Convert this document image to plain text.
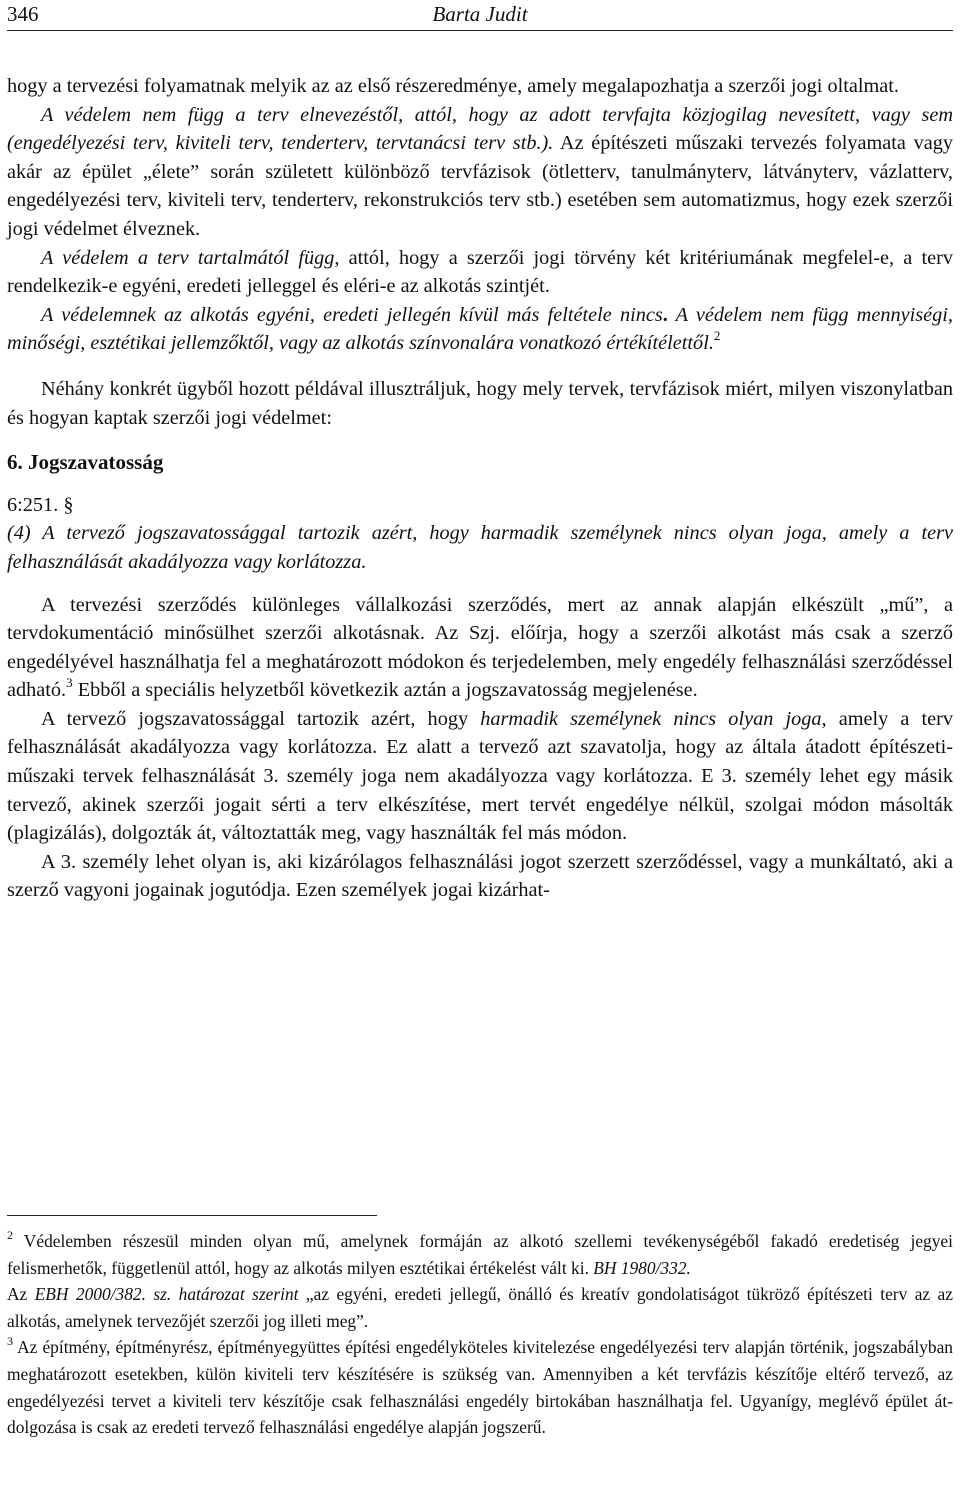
346	Barta Judit

hogy a tervezési folyamatnak melyik az az első részeredménye, amely megalapozhatja a szerzői jogi oltalmat.

A védelem nem függ a terv elnevezéstől, attól, hogy az adott tervfajta közjogilag nevesített, vagy sem (engedélyezési terv, kiviteli terv, tenderterv, tervtanácsi terv stb.). Az építészeti műszaki tervezés folyamata vagy akár az épület „élete” során született különböző tervfázisok (ötletterv, tanulmányterv, látványterv, vázlatterv, engedélyezési terv, kiviteli terv, tenderterv, rekonstrukciós terv stb.) esetében sem automatizmus, hogy ezek szerzői jogi védelmet élveznek.

A védelem a terv tartalmától függ, attól, hogy a szerzői jogi törvény két kritériumának megfelel-e, a terv rendelkezik-e egyéni, eredeti jelleggel és eléri-e az alkotás szintjét.

A védelemnek az alkotás egyéni, eredeti jellegén kívül más feltétele nincs. A védelem nem függ mennyiségi, minőségi, esztétikai jellemzőktől, vagy az alkotás színvonalára vonatkozó értékítélettől.$^2$

Néhány konkrét ügyből hozott példával illusztráljuk, hogy mely tervek, tervfázisok miért, milyen viszonylatban és hogyan kaptak szerzői jogi védelmet:

6. Jogszavatosság

6:251. §
(4) A tervező jogszavatossággal tartozik azért, hogy harmadik személynek nincs olyan joga, amely a terv felhasználását akadályozza vagy korlátozza.

A tervezési szerződés különleges vállalkozási szerződés, mert az annak alapján elkészült „mű”, a tervdokumentáció minősülhet szerzői alkotásnak. Az Szj. előírja, hogy a szerzői alkotást más csak a szerző engedélyével használhatja fel a meghatározott módokon és terjedelemben, mely engedély felhasználási szerződéssel adható.$^3$ Ebből a speciális helyzetből következik aztán a jogszavatosság megjelenése.

A tervező jogszavatossággal tartozik azért, hogy harmadik személynek nincs olyan joga, amely a terv felhasználását akadályozza vagy korlátozza. Ez alatt a tervező azt szavatolja, hogy az általa átadott építészeti-műszaki tervek felhasználását 3. személy joga nem akadályozza vagy korlátozza. E 3. személy lehet egy másik tervező, akinek szerzői jogait sérti a terv elkészítése, mert tervét engedélye nélkül, szolgai módon másolták (plagizálás), dolgozták át, változtatták meg, vagy használták fel más módon.

A 3. személy lehet olyan is, aki kizárólagos felhasználási jogot szerzett szerződéssel, vagy a munkáltató, aki a szerző vagyoni jogainak jogutódja. Ezen személyek jogai kizárhat-

$^2$ Védelemben részesül minden olyan mű, amelynek formáján az alkotó szellemi tevékenységéből fakadó eredetiség jegyei felismerhetők, függetlenül attól, hogy az alkotás milyen esztétikai értékelést vált ki. BH 1980/332.

Az EBH 2000/382. sz. határozat szerint „az egyéni, eredeti jellegű, önálló és kreatív gondolatiságot tükröző építészeti terv az az alkotás, amelynek tervezőjét szerzői jog illeti meg”.

$^3$ Az építmény, építményrész, építményegyüttes építési engedélyköteles kivitelezése engedélyezési terv alapján történik, jogszabályban meghatározott esetekben, külön kiviteli terv készítésére is szükség van. Amennyiben a két tervfázis készítője eltérő tervező, az engedélyezési tervet a kiviteli terv készítője csak felhasználási engedély birtokában használhatja fel. Ugyanígy, meglévő épület átdolgozása is csak az eredeti tervező felhasználási engedélye alapján jogszerű.
